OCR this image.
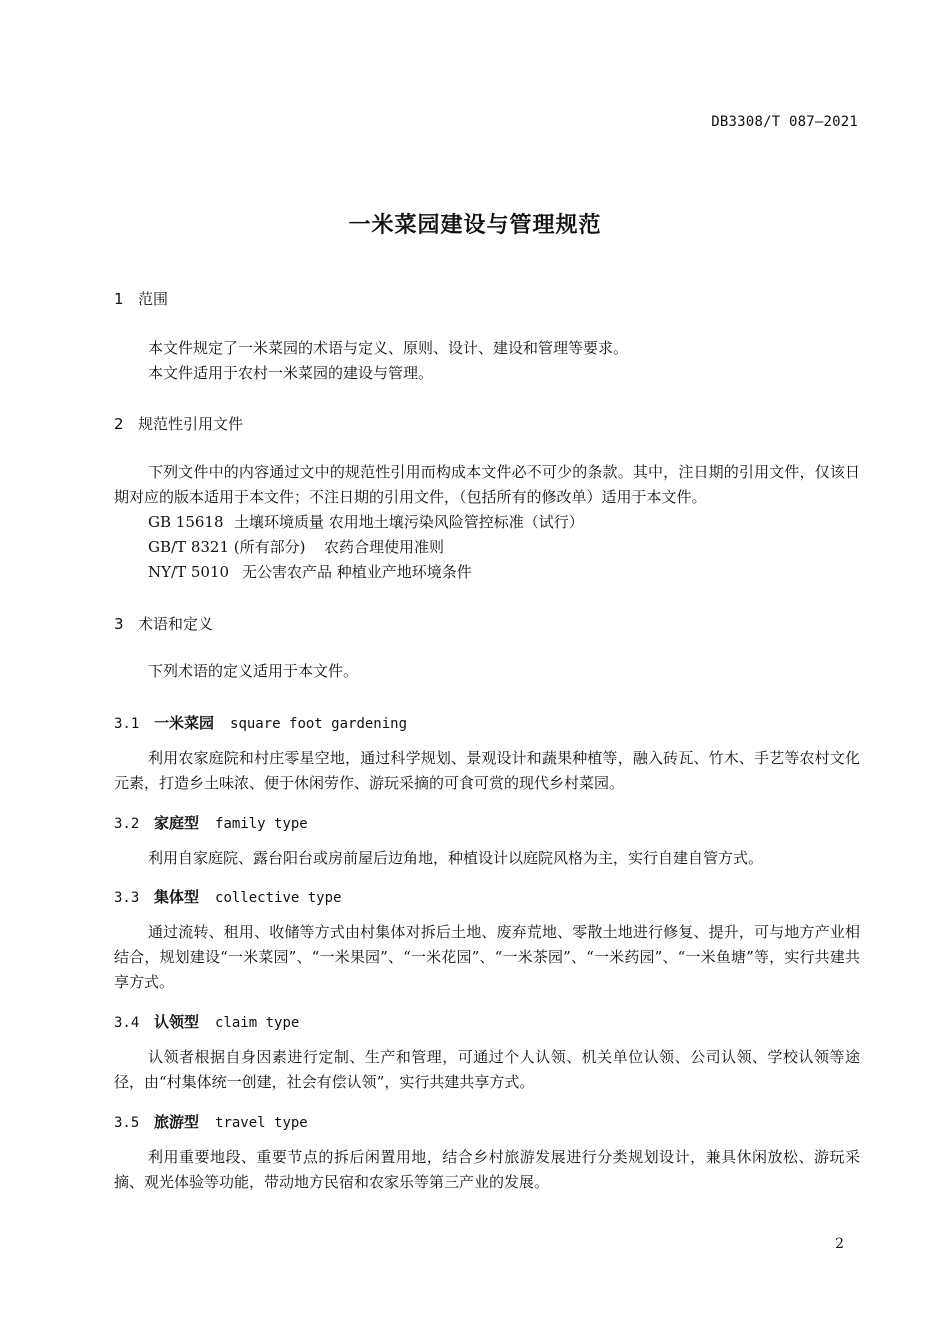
DB3308/T 087—2021
一米菜园建设与管理规范
1 范围
本文件规定了一米菜园的术语与定义、原则、设计、建设和管理等要求。
本文件适用于农村一米菜园的建设与管理。
2 规范性引用文件
下列文件中的内容通过文中的规范性引用而构成本文件必不可少的条款。其中，注日期的引用文件，仅该日期对应的版本适用于本文件；不注日期的引用文件，（包括所有的修改单）适用于本文件。
GB 15618 土壤环境质量 农用地土壤污染风险管控标准（试行）
GB/T 8321 (所有部分) 农药合理使用准则
NY/T 5010 无公害农产品 种植业产地环境条件
3 术语和定义
下列术语的定义适用于本文件。
3.1 一米菜园 square foot gardening
利用农家庭院和村庄零星空地，通过科学规划、景观设计和蔬果种植等，融入砖瓦、竹木、手艺等农村文化元素，打造乡土味浓、便于休闲劳作、游玩采摘的可食可赏的现代乡村菜园。
3.2 家庭型 family type
利用自家庭院、露台阳台或房前屋后边角地，种植设计以庭院风格为主，实行自建自管方式。
3.3 集体型 collective type
通过流转、租用、收储等方式由村集体对拆后土地、废弃荒地、零散土地进行修复、提升，可与地方产业相结合，规划建设“一米菜园”、“一米果园”、“一米花园”、“一米茶园”、“一米药园”、“一米鱼塘”等，实行共建共享方式。
3.4 认领型 claim type
认领者根据自身因素进行定制、生产和管理，可通过个人认领、机关单位认领、公司认领、学校认领等途径，由“村集体统一创建，社会有偿认领”，实行共建共享方式。
3.5 旅游型 travel type
利用重要地段、重要节点的拆后闲置用地，结合乡村旅游发展进行分类规划设计，兼具休闲放松、游玩采摘、观光体验等功能，带动地方民宿和农家乐等第三产业的发展。
2
